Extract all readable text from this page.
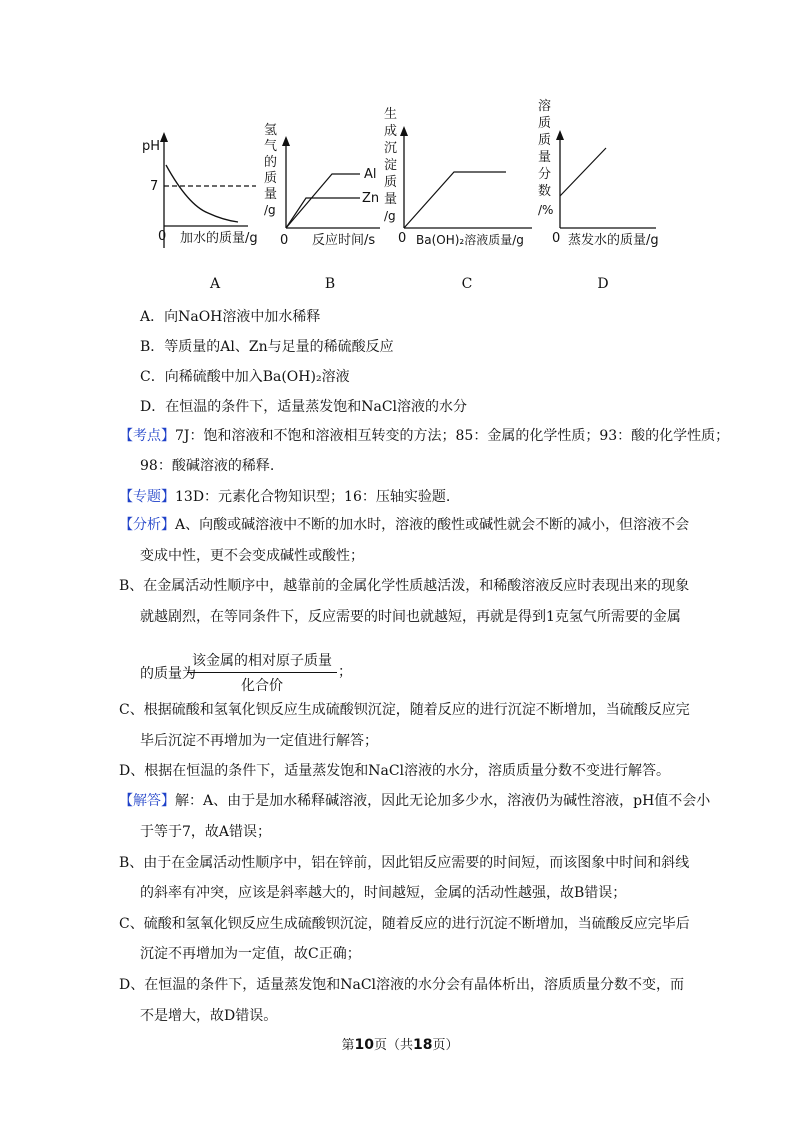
pH
7
0 加水的质量/g
氢
气
的
质
量
/g
Al
Zn
0 反应时间/s
生
成
沉
淀
质
量
/g
0 Ba(OH)₂溶液质量/g
溶
质
质
量
分
数
/%
0 蒸发水的质量/g
A	B	C	D
A．向NaOH溶液中加水稀释
B．等质量的Al、Zn与足量的稀硫酸反应
C．向稀硫酸中加入Ba(OH)₂溶液
D．在恒温的条件下，适量蒸发饱和NaCl溶液的水分
【考点】7J：饱和溶液和不饱和溶液相互转变的方法；85：金属的化学性质；93：酸的化学性质；
98：酸碱溶液的稀释.
【专题】13D：元素化合物知识型；16：压轴实验题.
【分析】A、向酸或碱溶液中不断的加水时，溶液的酸性或碱性就会不断的减小，但溶液不会
变成中性，更不会变成碱性或酸性；
B、在金属活动性顺序中，越靠前的金属化学性质越活泼，和稀酸溶液反应时表现出来的现象
就越剧烈，在等同条件下，反应需要的时间也就越短，再就是得到1克氢气所需要的金属
的质量为
该金属的相对原子质量
化合价
；
C、根据硫酸和氢氧化钡反应生成硫酸钡沉淀，随着反应的进行沉淀不断增加，当硫酸反应完
毕后沉淀不再增加为一定值进行解答；
D、根据在恒温的条件下，适量蒸发饱和NaCl溶液的水分，溶质质量分数不变进行解答。
【解答】解：A、由于是加水稀释碱溶液，因此无论加多少水，溶液仍为碱性溶液，pH值不会小
于等于7，故A错误；
B、由于在金属活动性顺序中，铝在锌前，因此铝反应需要的时间短，而该图象中时间和斜线
的斜率有冲突，应该是斜率越大的，时间越短，金属的活动性越强，故B错误；
C、硫酸和氢氧化钡反应生成硫酸钡沉淀，随着反应的进行沉淀不断增加，当硫酸反应完毕后
沉淀不再增加为一定值，故C正确；
D、在恒温的条件下，适量蒸发饱和NaCl溶液的水分会有晶体析出，溶质质量分数不变，而
不是增大，故D错误。
第10页（共18页）
